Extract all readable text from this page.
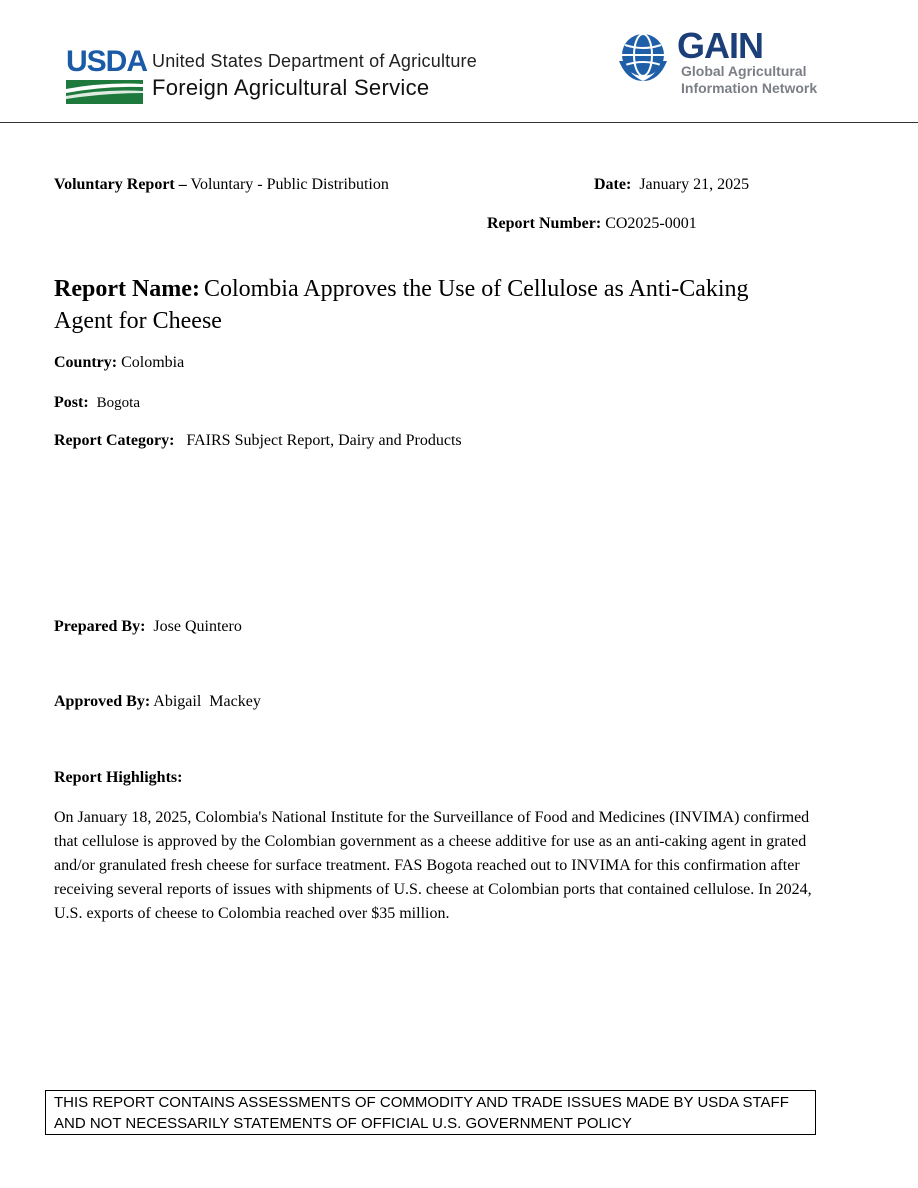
USDA United States Department of Agriculture
Foreign Agricultural Service
GAIN
Global Agricultural
Information Network
Voluntary Report – Voluntary - Public Distribution	Date: January 21, 2025
Report Number: CO2025-0001
Report Name: Colombia Approves the Use of Cellulose as Anti-Caking Agent for Cheese
Country: Colombia
Post: Bogota
Report Category: FAIRS Subject Report, Dairy and Products
Prepared By: Jose Quintero
Approved By: Abigail  Mackey
Report Highlights:
On January 18, 2025, Colombia's National Institute for the Surveillance of Food and Medicines (INVIMA) confirmed that cellulose is approved by the Colombian government as a cheese additive for use as an anti-caking agent in grated and/or granulated fresh cheese for surface treatment. FAS Bogota reached out to INVIMA for this confirmation after receiving several reports of issues with shipments of U.S. cheese at Colombian ports that contained cellulose. In 2024, U.S. exports of cheese to Colombia reached over $35 million.
THIS REPORT CONTAINS ASSESSMENTS OF COMMODITY AND TRADE ISSUES MADE BY USDA STAFF
AND NOT NECESSARILY STATEMENTS OF OFFICIAL U.S. GOVERNMENT POLICY
